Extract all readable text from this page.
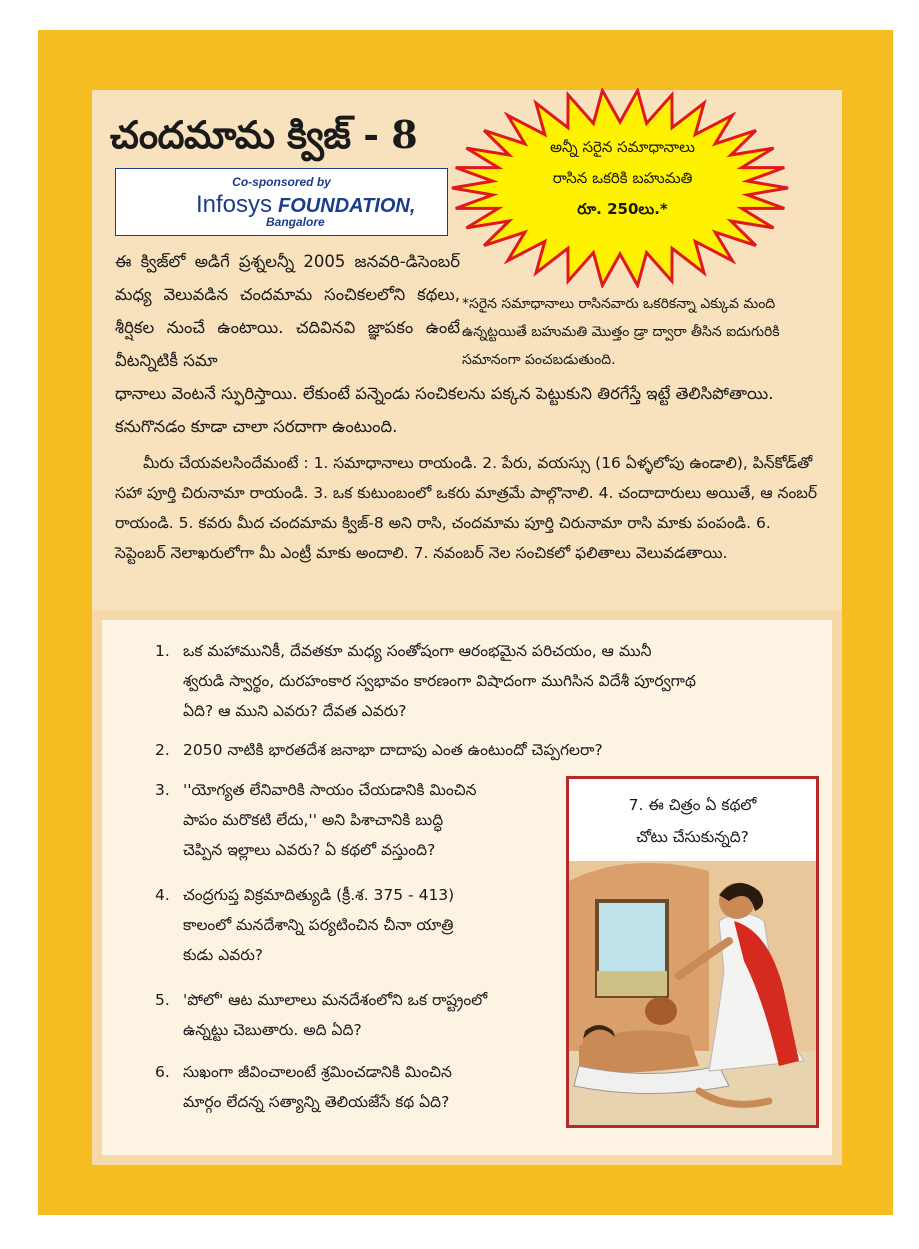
చందమామ క్విజ్ - 8
Co-sponsored by
Infosys FOUNDATION,
Bangalore
అన్నీ సరైన సమాధానాలు
రాసిన ఒకరికి బహుమతి
రూ. 250లు.*
ఈ క్విజ్‌లో అడిగే ప్రశ్నలన్నీ 2005 జనవరి-డిసెంబర్ మధ్య వెలువడిన చందమామ సంచికలలోని కథలు, శీర్షికల నుంచే ఉంటాయి. చదివినవి జ్ఞాపకం ఉంటే వీటన్నిటికీ సమా
*సరైన సమాధానాలు రాసినవారు ఒకరికన్నా ఎక్కువ మంది ఉన్నట్టయితే బహుమతి మొత్తం డ్రా ద్వారా తీసిన ఐదుగురికి సమానంగా పంచబడుతుంది.
ధానాలు వెంటనే స్ఫురిస్తాయి. లేకుంటే పన్నెండు సంచికలను పక్కన పెట్టుకుని తిరగేస్తే ఇట్టే తెలిసిపోతాయి. కనుగొనడం కూడా చాలా సరదాగా ఉంటుంది.
మీరు చేయవలసిందేమంటే : 1. సమాధానాలు రాయండి. 2. పేరు, వయస్సు (16 ఏళ్ళలోపు ఉండాలి), పిన్‌కోడ్‌తో సహా పూర్తి చిరునామా రాయండి. 3. ఒక కుటుంబంలో ఒకరు మాత్రమే పాల్గొనాలి. 4. చందాదారులు అయితే, ఆ నంబర్ రాయండి. 5. కవరు మీద చందమామ క్విజ్-8 అని రాసి, చందమామ పూర్తి చిరునామా రాసి మాకు పంపండి. 6. సెప్టెంబర్ నెలాఖరులోగా మీ ఎంట్రీ మాకు అందాలి. 7. నవంబర్ నెల సంచికలో ఫలితాలు వెలువడతాయి.
1. ఒక మహామునికీ, దేవతకూ మధ్య సంతోషంగా ఆరంభమైన పరిచయం, ఆ మునీ
శ్వరుడి స్వార్థం, దురహంకార స్వభావం కారణంగా విషాదంగా ముగిసిన విదేశీ పూర్వగాథ
ఏది? ఆ ముని ఎవరు? దేవత ఎవరు?
2. 2050 నాటికి భారతదేశ జనాభా దాదాపు ఎంత ఉంటుందో చెప్పగలరా?
3. ''యోగ్యత లేనివారికి సాయం చేయడానికి మించిన
పాపం మరొకటి లేదు,'' అని పిశాచానికి బుద్ధి
చెప్పిన ఇల్లాలు ఎవరు? ఏ కథలో వస్తుంది?
4. చంద్రగుప్త విక్రమాదిత్యుడి (క్రీ.శ. 375 - 413)
కాలంలో మనదేశాన్ని పర్యటించిన చీనా యాత్రి
కుడు ఎవరు?
5. 'పోలో' ఆట మూలాలు మనదేశంలోని ఒక రాష్ట్రంలో
ఉన్నట్టు చెబుతారు. అది ఏది?
6. సుఖంగా జీవించాలంటే శ్రమించడానికి మించిన
మార్గం లేదన్న సత్యాన్ని తెలియజేసే కథ ఏది?
7. ఈ చిత్రం ఏ కథలో
చోటు చేసుకున్నది?
